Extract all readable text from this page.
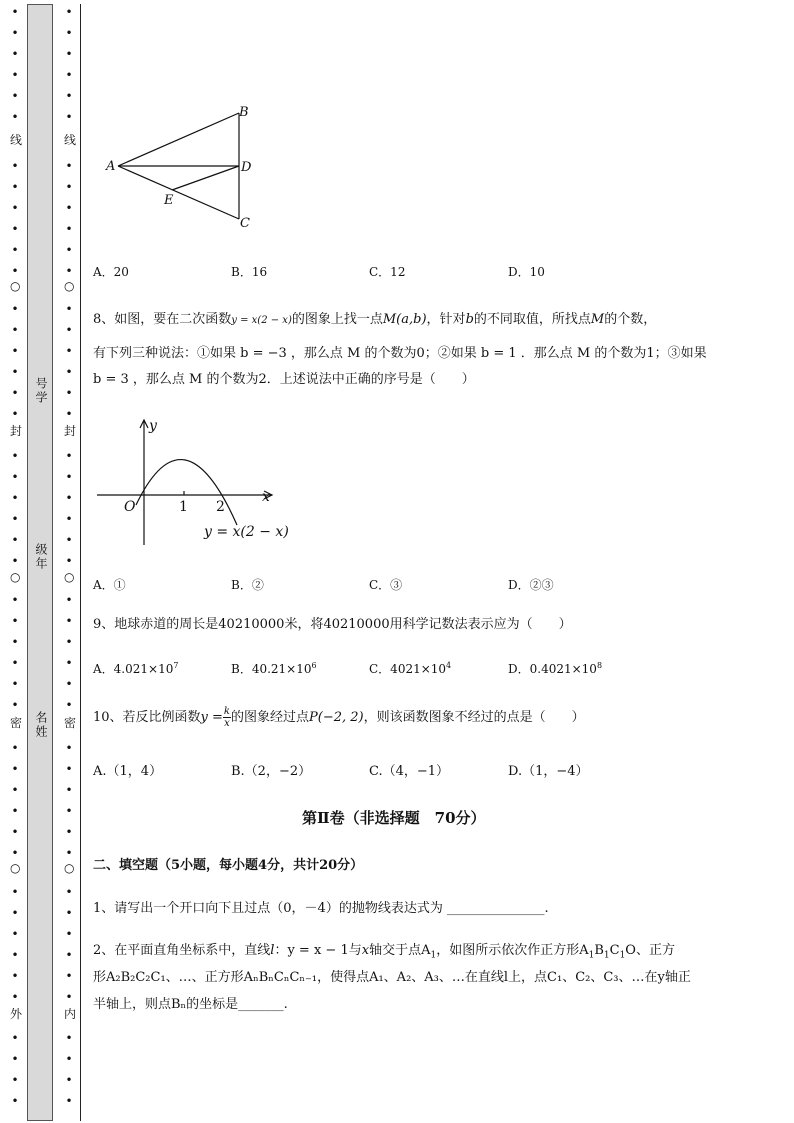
•
•
•
•
•
•
线
•
•
•
•
•
•
○
•
•
•
•
•
•
封
•
•
•
•
•
•
○
•
•
•
•
•
•
密
•
•
•
•
•
•
○
•
•
•
•
•
•
外
•
•
•
•
号学
级年
名姓
•
•
•
•
•
•
线
•
•
•
•
•
•
○
•
•
•
•
•
•
封
•
•
•
•
•
•
○
•
•
•
•
•
•
密
•
•
•
•
•
•
○
•
•
•
•
•
•
内
•
•
•
•
A
B
D
E
C
A．20	B．16	C．12	D．10
8、如图，要在二次函数y = x(2 − x)的图象上找一点M(a,b)，针对b的不同取值，所找点M的个数，
有下列三种说法：①如果 b = −3 ，那么点 M 的个数为0；②如果 b = 1 ．那么点 M 的个数为1；③如果
b = 3 ，那么点 M 的个数为2．上述说法中正确的序号是（　　）
y
x
O	1 2
y = x(2 − x)
A．①	B．②	C．③	D．②③
9、地球赤道的周长是40210000米，将40210000用科学记数法表示应为（　　）
A．$4.021\times 10^7$	B．$40.21\times 10^6$	C．$4021\times 10^4$	D．$0.4021\times 10^8$
10、若反比例函数$y = \frac{k}{x}$ 的图象经过点P(−2, 2)，则该函数图象不经过的点是（　　）
A.（1，4）	B.（2，−2）	C.（4，−1）	D.（1，−4）
第Ⅱ卷（非选择题　70分）
二、填空题（5小题，每小题4分，共计20分）
1、请写出一个开口向下且过点（0，－4）的抛物线表达式为 _______________.
2、在平面直角坐标系中，直线l：y = x − 1与x轴交于点$A_1$，如图所示依次作正方形$A_1B_1C_1O$、正方
形A₂B₂C₂C₁、…、正方形AₙBₙCₙCₙ₋₁，使得点A₁、A₂、A₃、…在直线l上，点C₁、C₂、C₃、…在y轴正
半轴上，则点Bₙ的坐标是_______.
